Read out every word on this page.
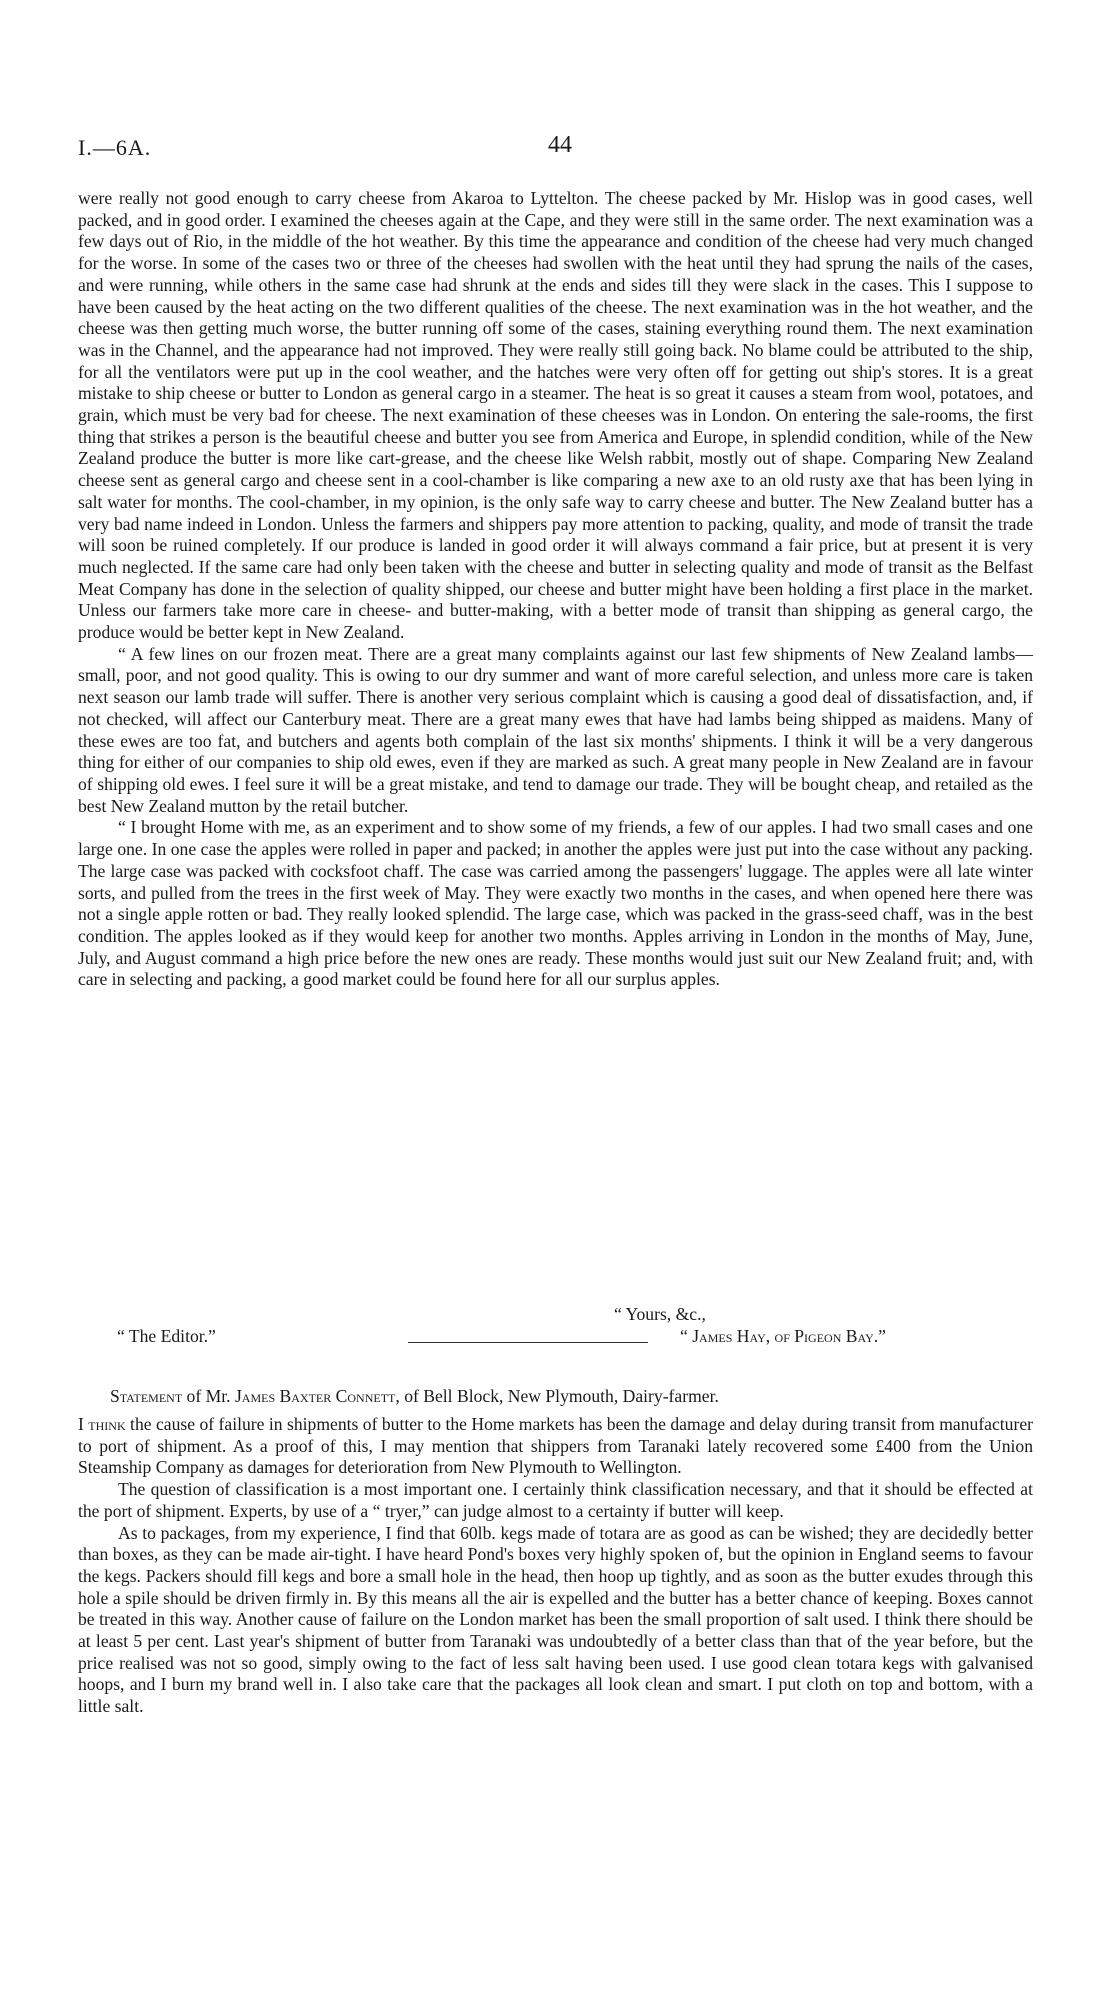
I.—6A.	44

were really not good enough to carry cheese from Akaroa to Lyttelton. The cheese packed by Mr. Hislop was in good cases, well packed, and in good order. I examined the cheeses again at the Cape, and they were still in the same order. The next examination was a few days out of Rio, in the middle of the hot weather. By this time the appearance and condition of the cheese had very much changed for the worse. In some of the cases two or three of the cheeses had swollen with the heat until they had sprung the nails of the cases, and were running, while others in the same case had shrunk at the ends and sides till they were slack in the cases. This I suppose to have been caused by the heat acting on the two different qualities of the cheese. The next examination was in the hot weather, and the cheese was then getting much worse, the butter running off some of the cases, staining everything round them. The next examination was in the Channel, and the appearance had not improved. They were really still going back. No blame could be attributed to the ship, for all the ventilators were put up in the cool weather, and the hatches were very often off for getting out ship's stores. It is a great mistake to ship cheese or butter to London as general cargo in a steamer. The heat is so great it causes a steam from wool, potatoes, and grain, which must be very bad for cheese. The next examination of these cheeses was in London. On entering the sale-rooms, the first thing that strikes a person is the beautiful cheese and butter you see from America and Europe, in splendid condition, while of the New Zealand produce the butter is more like cart-grease, and the cheese like Welsh rabbit, mostly out of shape. Comparing New Zealand cheese sent as general cargo and cheese sent in a cool-chamber is like comparing a new axe to an old rusty axe that has been lying in salt water for months. The cool-chamber, in my opinion, is the only safe way to carry cheese and butter. The New Zealand butter has a very bad name indeed in London. Unless the farmers and shippers pay more attention to packing, quality, and mode of transit the trade will soon be ruined completely. If our produce is landed in good order it will always command a fair price, but at present it is very much neglected. If the same care had only been taken with the cheese and butter in selecting quality and mode of transit as the Belfast Meat Company has done in the selection of quality shipped, our cheese and butter might have been holding a first place in the market. Unless our farmers take more care in cheese- and butter-making, with a better mode of transit than shipping as general cargo, the produce would be better kept in New Zealand.

“ A few lines on our frozen meat. There are a great many complaints against our last few shipments of New Zealand lambs—small, poor, and not good quality. This is owing to our dry summer and want of more careful selection, and unless more care is taken next season our lamb trade will suffer. There is another very serious complaint which is causing a good deal of dissatisfaction, and, if not checked, will affect our Canterbury meat. There are a great many ewes that have had lambs being shipped as maidens. Many of these ewes are too fat, and butchers and agents both complain of the last six months' shipments. I think it will be a very dangerous thing for either of our companies to ship old ewes, even if they are marked as such. A great many people in New Zealand are in favour of shipping old ewes. I feel sure it will be a great mistake, and tend to damage our trade. They will be bought cheap, and retailed as the best New Zealand mutton by the retail butcher.

“ I brought Home with me, as an experiment and to show some of my friends, a few of our apples. I had two small cases and one large one. In one case the apples were rolled in paper and packed; in another the apples were just put into the case without any packing. The large case was packed with cocksfoot chaff. The case was carried among the passengers' luggage. The apples were all late winter sorts, and pulled from the trees in the first week of May. They were exactly two months in the cases, and when opened here there was not a single apple rotten or bad. They really looked splendid. The large case, which was packed in the grass-seed chaff, was in the best condition. The apples looked as if they would keep for another two months. Apples arriving in London in the months of May, June, July, and August command a high price before the new ones are ready. These months would just suit our New Zealand fruit; and, with care in selecting and packing, a good market could be found here for all our surplus apples.

“ Yours, &c.,
“ The Editor.”	“ James Hay, of Pigeon Bay.”
Statement of Mr. James Baxter Connett, of Bell Block, New Plymouth, Dairy-farmer.

I think the cause of failure in shipments of butter to the Home markets has been the damage and delay during transit from manufacturer to port of shipment. As a proof of this, I may mention that shippers from Taranaki lately recovered some £400 from the Union Steamship Company as damages for deterioration from New Plymouth to Wellington.

The question of classification is a most important one. I certainly think classification necessary, and that it should be effected at the port of shipment. Experts, by use of a “ tryer,” can judge almost to a certainty if butter will keep.

As to packages, from my experience, I find that 60lb. kegs made of totara are as good as can be wished; they are decidedly better than boxes, as they can be made air-tight. I have heard Pond's boxes very highly spoken of, but the opinion in England seems to favour the kegs. Packers should fill kegs and bore a small hole in the head, then hoop up tightly, and as soon as the butter exudes through this hole a spile should be driven firmly in. By this means all the air is expelled and the butter has a better chance of keeping. Boxes cannot be treated in this way. Another cause of failure on the London market has been the small proportion of salt used. I think there should be at least 5 per cent. Last year's shipment of butter from Taranaki was undoubtedly of a better class than that of the year before, but the price realised was not so good, simply owing to the fact of less salt having been used. I use good clean totara kegs with galvanised hoops, and I burn my brand well in. I also take care that the packages all look clean and smart. I put cloth on top and bottom, with a little salt.
